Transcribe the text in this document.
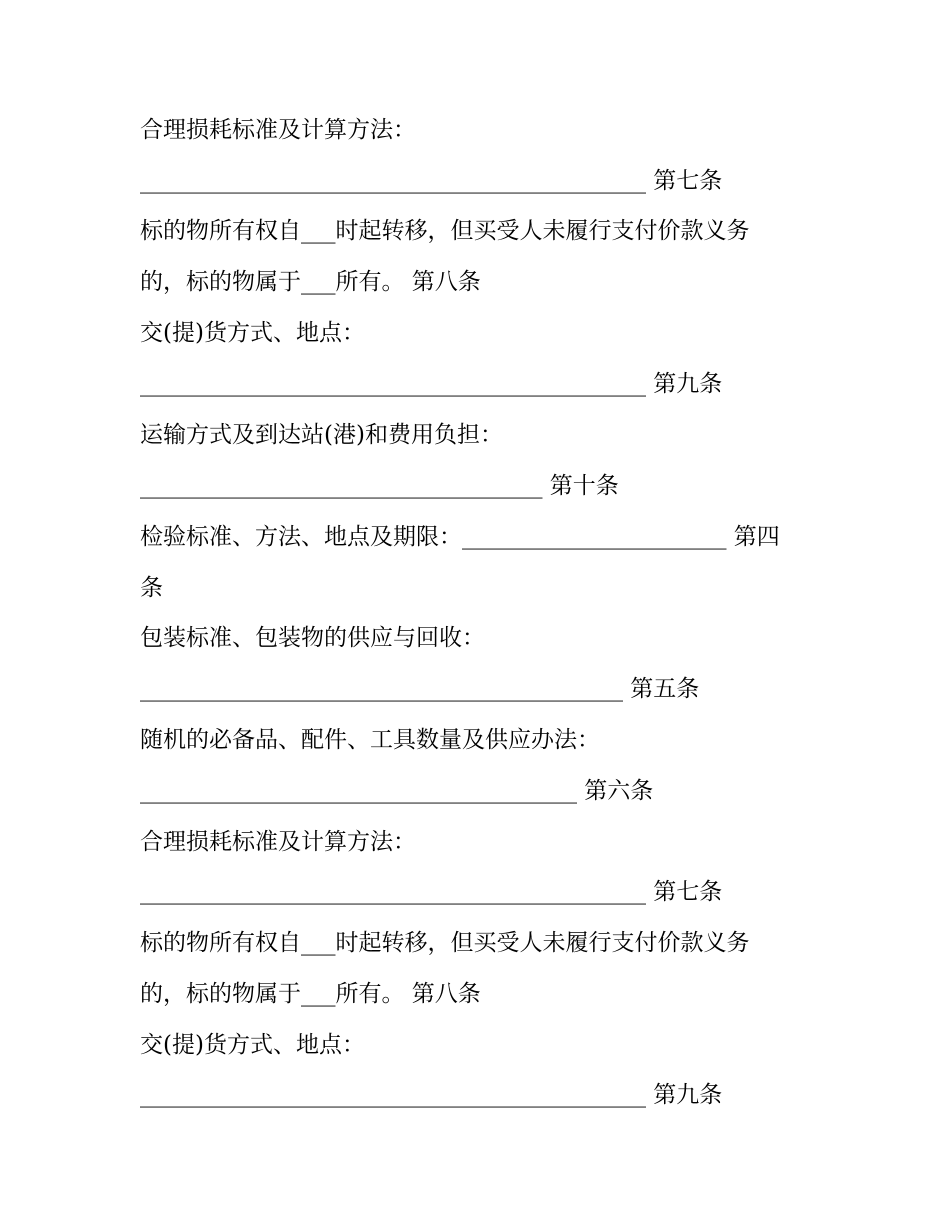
合理损耗标准及计算方法：
____________________________________________ 第七条
标的物所有权自___时起转移，但买受人未履行支付价款义务
的，标的物属于___所有。 第八条
交(提)货方式、地点：
____________________________________________ 第九条
运输方式及到达站(港)和费用负担：
___________________________________ 第十条
检验标准、方法、地点及期限：_______________________ 第四
条
包装标准、包装物的供应与回收：
__________________________________________ 第五条
随机的必备品、配件、工具数量及供应办法：
______________________________________ 第六条
合理损耗标准及计算方法：
____________________________________________ 第七条
标的物所有权自___时起转移，但买受人未履行支付价款义务
的，标的物属于___所有。 第八条
交(提)货方式、地点：
____________________________________________ 第九条
